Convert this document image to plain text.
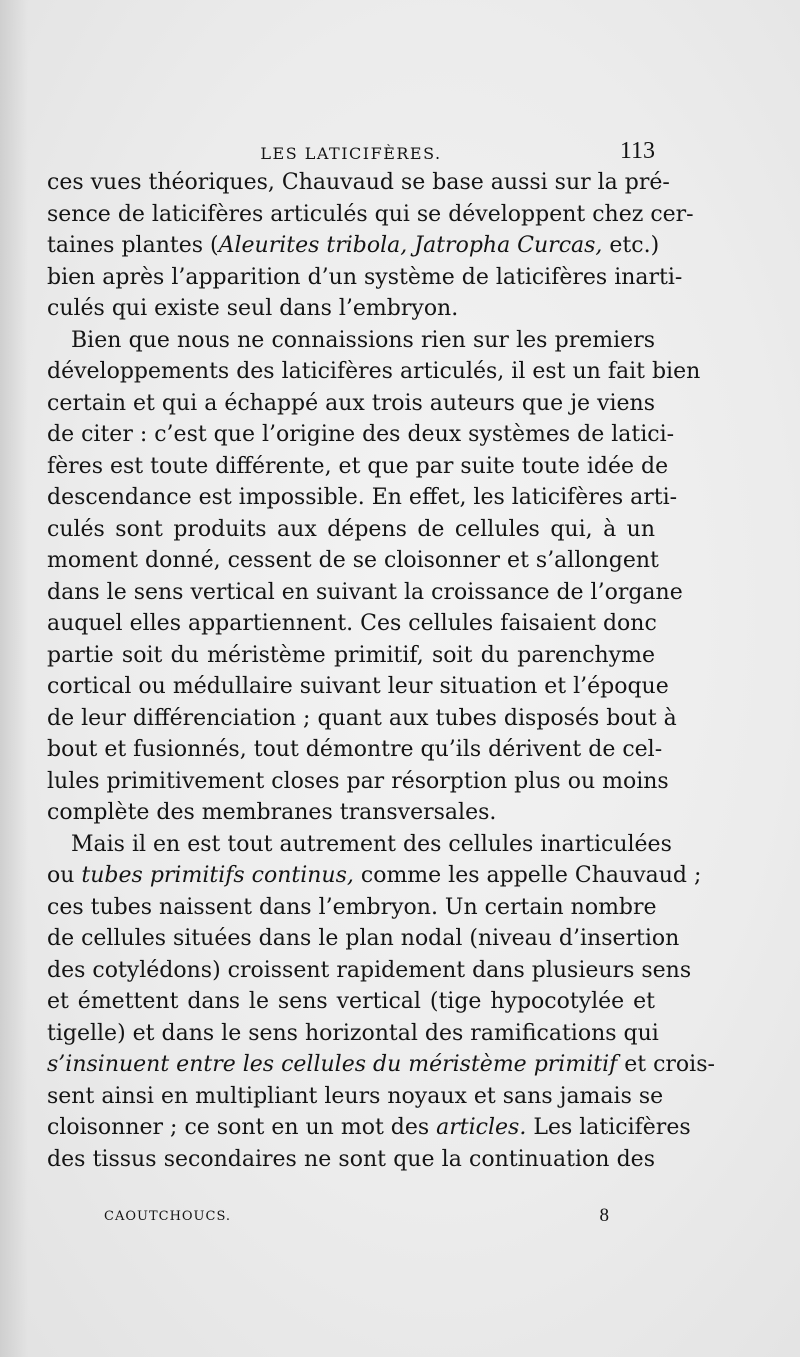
LES LATICIFÈRES.	113
ces vues théoriques, Chauvaud se base aussi sur la pré-
sence de laticifères articulés qui se développent chez cer-
taines plantes (Aleurites tribola, Jatropha Curcas, etc.)
bien après l’apparition d’un système de laticifères inarti-
culés qui existe seul dans l’embryon.
Bien que nous ne connaissions rien sur les premiers
développements des laticifères articulés, il est un fait bien
certain et qui a échappé aux trois auteurs que je viens
de citer : c’est que l’origine des deux systèmes de latici-
fères est toute différente, et que par suite toute idée de
descendance est impossible. En effet, les laticifères arti-
culés sont produits aux dépens de cellules qui, à un
moment donné, cessent de se cloisonner et s’allongent
dans le sens vertical en suivant la croissance de l’organe
auquel elles appartiennent. Ces cellules faisaient donc
partie soit du méristème primitif, soit du parenchyme
cortical ou médullaire suivant leur situation et l’époque
de leur différenciation ; quant aux tubes disposés bout à
bout et fusionnés, tout démontre qu’ils dérivent de cel-
lules primitivement closes par résorption plus ou moins
complète des membranes transversales.
Mais il en est tout autrement des cellules inarticulées
ou tubes primitifs continus, comme les appelle Chauvaud ;
ces tubes naissent dans l’embryon. Un certain nombre
de cellules situées dans le plan nodal (niveau d’insertion
des cotylédons) croissent rapidement dans plusieurs sens
et émettent dans le sens vertical (tige hypocotylée et
tigelle) et dans le sens horizontal des ramifications qui
s’insinuent entre les cellules du méristème primitif et crois-
sent ainsi en multipliant leurs noyaux et sans jamais se
cloisonner ; ce sont en un mot des articles. Les laticifères
des tissus secondaires ne sont que la continuation des
CAOUTCHOUCS.	8
